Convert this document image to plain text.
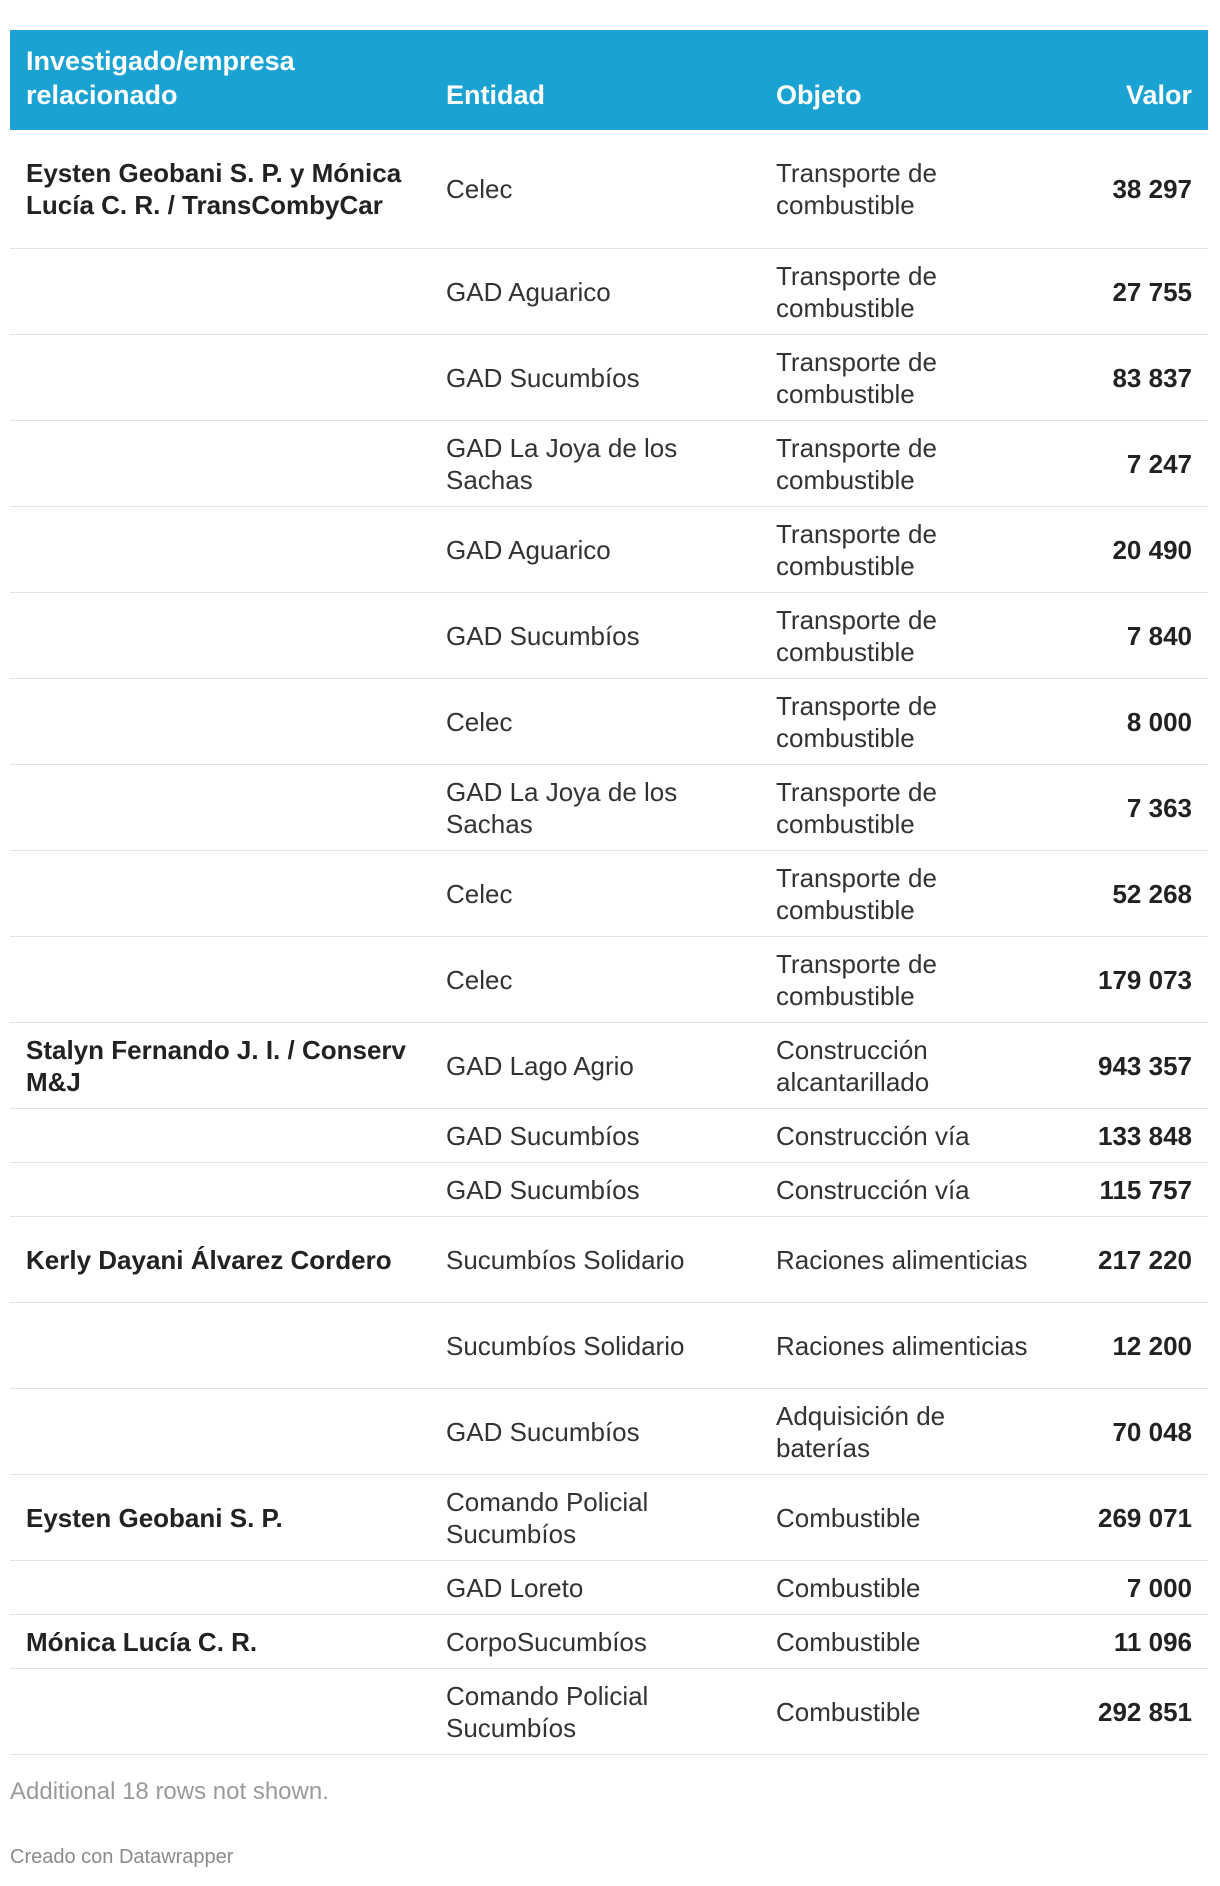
Investigado/empresa relacionado	Entidad	Objeto	Valor
Eysten Geobani S. P. y Mónica Lucía C. R. / TransCombyCar	Celec	Transporte de combustible	38 297
	GAD Aguarico	Transporte de combustible	27 755
	GAD Sucumbíos	Transporte de combustible	83 837
	GAD La Joya de los Sachas	Transporte de combustible	7 247
	GAD Aguarico	Transporte de combustible	20 490
	GAD Sucumbíos	Transporte de combustible	7 840
	Celec	Transporte de combustible	8 000
	GAD La Joya de los Sachas	Transporte de combustible	7 363
	Celec	Transporte de combustible	52 268
	Celec	Transporte de combustible	179 073
Stalyn Fernando J. I. / Conserv M&J	GAD Lago Agrio	Construcción alcantarillado	943 357
	GAD Sucumbíos	Construcción vía	133 848
	GAD Sucumbíos	Construcción vía	115 757
Kerly Dayani Álvarez Cordero	Sucumbíos Solidario	Raciones alimenticias	217 220
	Sucumbíos Solidario	Raciones alimenticias	12 200
	GAD Sucumbíos	Adquisición de baterías	70 048
Eysten Geobani S. P.	Comando Policial Sucumbíos	Combustible	269 071
	GAD Loreto	Combustible	7 000
Mónica Lucía C. R.	CorpoSucumbíos	Combustible	11 096
	Comando Policial Sucumbíos	Combustible	292 851
Additional 18 rows not shown.
Creado con Datawrapper
